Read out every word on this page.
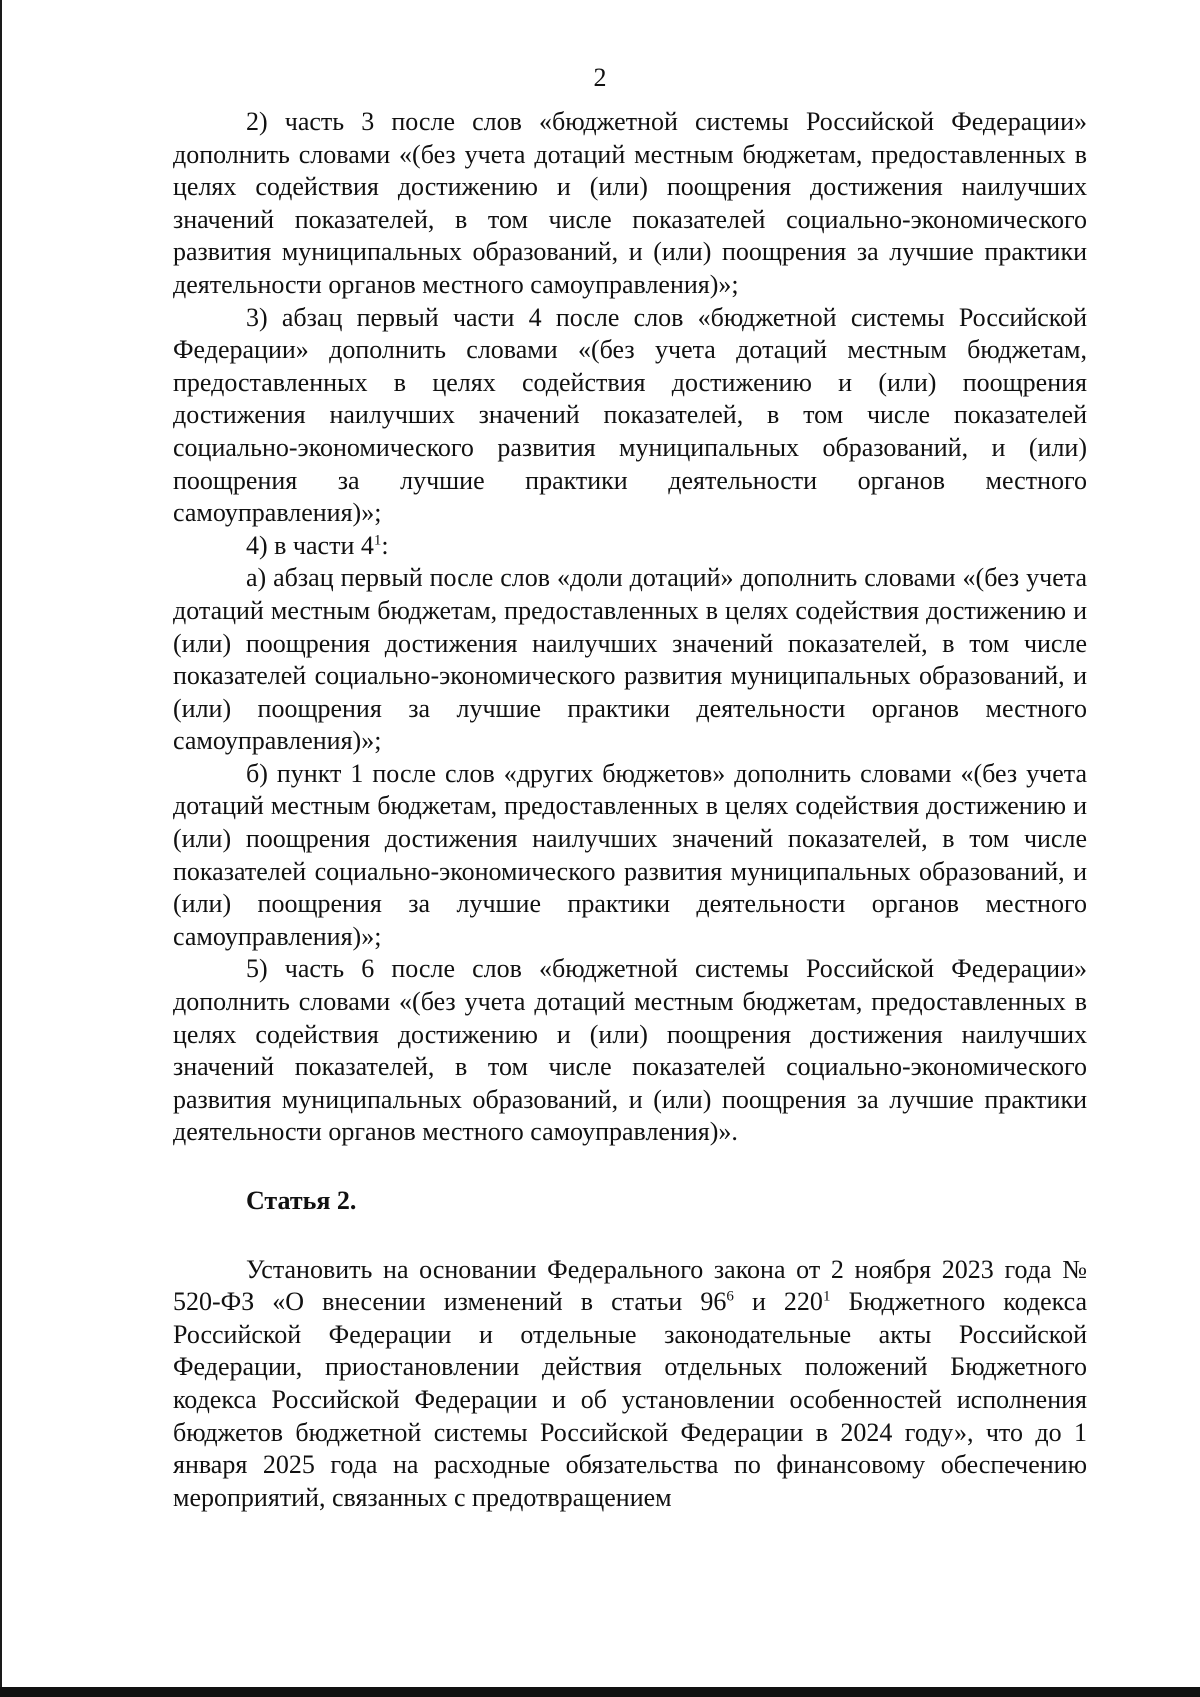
2

2) часть 3 после слов «бюджетной системы Российской Федерации» дополнить словами «(без учета дотаций местным бюджетам, предоставленных в целях содействия достижению и (или) поощрения достижения наилучших значений показателей, в том числе показателей социально-экономического развития муниципальных образований, и (или) поощрения за лучшие практики деятельности органов местного самоуправления)»;

3) абзац первый части 4 после слов «бюджетной системы Российской Федерации» дополнить словами «(без учета дотаций местным бюджетам, предоставленных в целях содействия достижению и (или) поощрения достижения наилучших значений показателей, в том числе показателей социально-экономического развития муниципальных образований, и (или) поощрения за лучшие практики деятельности органов местного самоуправления)»;

4) в части $4^1$:

а) абзац первый после слов «доли дотаций» дополнить словами «(без учета дотаций местным бюджетам, предоставленных в целях содействия достижению и (или) поощрения достижения наилучших значений показателей, в том числе показателей социально-экономического развития муниципальных образований, и (или) поощрения за лучшие практики деятельности органов местного самоуправления)»;

б) пункт 1 после слов «других бюджетов» дополнить словами «(без учета дотаций местным бюджетам, предоставленных в целях содействия достижению и (или) поощрения достижения наилучших значений показателей, в том числе показателей социально-экономического развития муниципальных образований, и (или) поощрения за лучшие практики деятельности органов местного самоуправления)»;

5) часть 6 после слов «бюджетной системы Российской Федерации» дополнить словами «(без учета дотаций местным бюджетам, предоставленных в целях содействия достижению и (или) поощрения достижения наилучших значений показателей, в том числе показателей социально-экономического развития муниципальных образований, и (или) поощрения за лучшие практики деятельности органов местного самоуправления)».

Статья 2.

Установить на основании Федерального закона от 2 ноября 2023 года № 520-ФЗ «О внесении изменений в статьи $96^6$ и $220^1$ Бюджетного кодекса Российской Федерации и отдельные законодательные акты Российской Федерации, приостановлении действия отдельных положений Бюджетного кодекса Российской Федерации и об установлении особенностей исполнения бюджетов бюджетной системы Российской Федерации в 2024 году», что до 1 января 2025 года на расходные обязательства по финансовому обеспечению мероприятий, связанных с предотвращением
